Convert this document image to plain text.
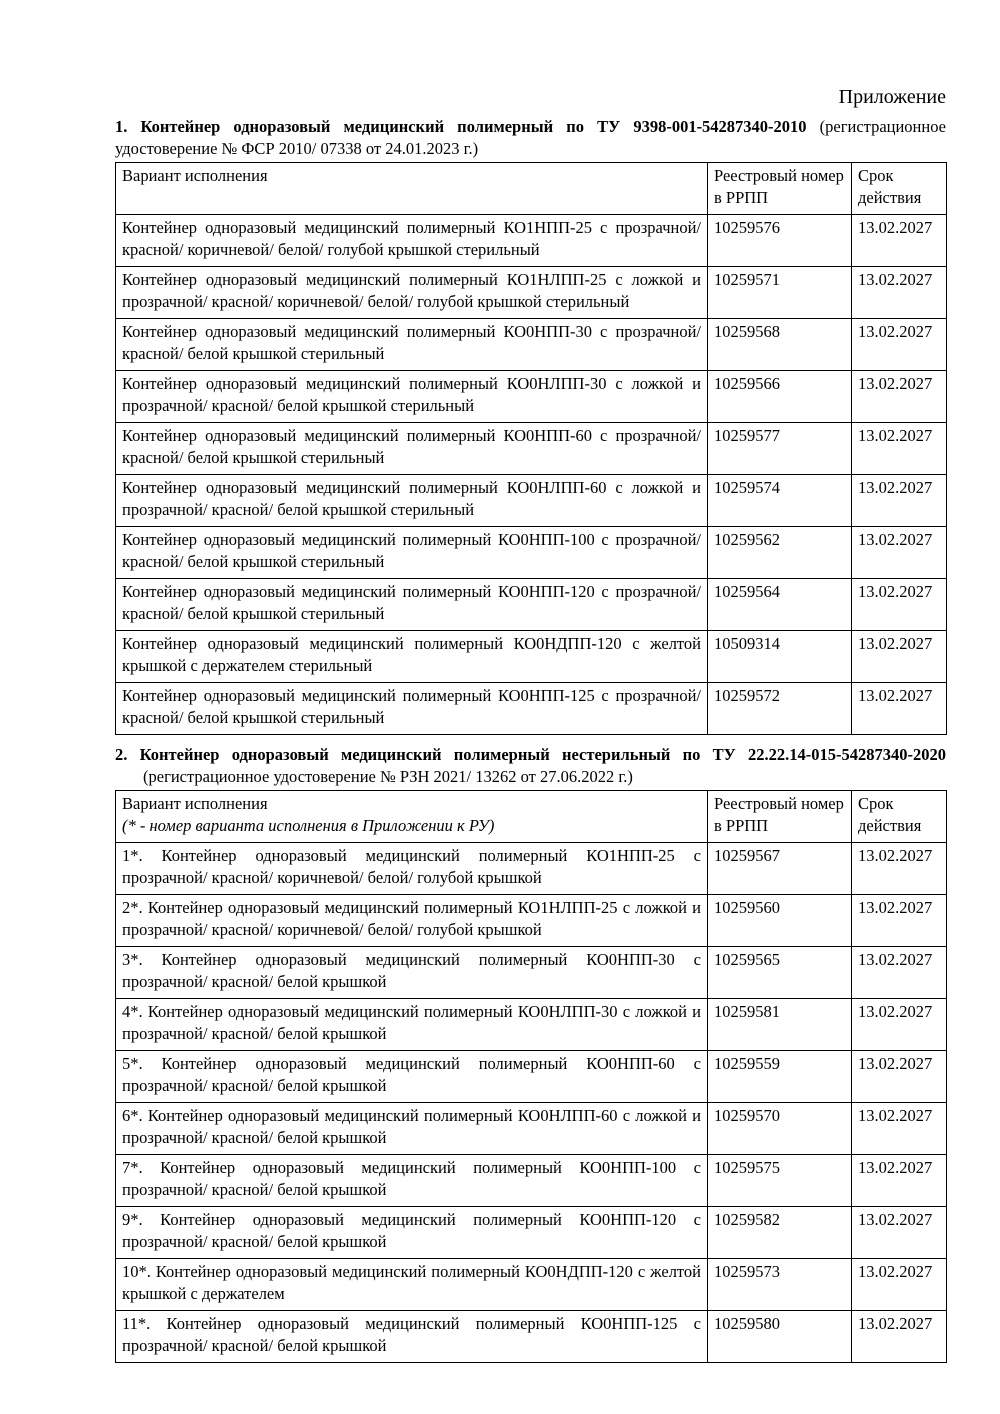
Приложение

1. Контейнер одноразовый медицинский полимерный по ТУ 9398-001-54287340-2010 (регистрационное удостоверение № ФСР 2010/ 07338 от 24.01.2023 г.)

Вариант исполнения	Реестровый номер в РРПП	Срок действия
Контейнер одноразовый медицинский полимерный КО1НПП-25 с прозрачной/ красной/ коричневой/ белой/ голубой крышкой стерильный	10259576	13.02.2027
Контейнер одноразовый медицинский полимерный КО1НЛПП-25 с ложкой и прозрачной/ красной/ коричневой/ белой/ голубой крышкой стерильный	10259571	13.02.2027
Контейнер одноразовый медицинский полимерный КО0НПП-30 с прозрачной/ красной/ белой крышкой стерильный	10259568	13.02.2027
Контейнер одноразовый медицинский полимерный КО0НЛПП-30 с ложкой и прозрачной/ красной/ белой крышкой стерильный	10259566	13.02.2027
Контейнер одноразовый медицинский полимерный КО0НПП-60 с прозрачной/ красной/ белой крышкой стерильный	10259577	13.02.2027
Контейнер одноразовый медицинский полимерный КО0НЛПП-60 с ложкой и прозрачной/ красной/ белой крышкой стерильный	10259574	13.02.2027
Контейнер одноразовый медицинский полимерный КО0НПП-100 с прозрачной/ красной/ белой крышкой стерильный	10259562	13.02.2027
Контейнер одноразовый медицинский полимерный КО0НПП-120 с прозрачной/ красной/ белой крышкой стерильный	10259564	13.02.2027
Контейнер одноразовый медицинский полимерный КО0НДПП-120 с желтой крышкой с держателем стерильный	10509314	13.02.2027
Контейнер одноразовый медицинский полимерный КО0НПП-125 с прозрачной/ красной/ белой крышкой стерильный	10259572	13.02.2027

2. Контейнер одноразовый медицинский полимерный нестерильный по ТУ 22.22.14-015-54287340-2020 (регистрационное удостоверение № РЗН 2021/ 13262 от 27.06.2022 г.)

Вариант исполнения
(* - номер варианта исполнения в Приложении к РУ)	Реестровый номер в РРПП	Срок действия
1*. Контейнер одноразовый медицинский полимерный КО1НПП-25 с прозрачной/ красной/ коричневой/ белой/ голубой крышкой	10259567	13.02.2027
2*. Контейнер одноразовый медицинский полимерный КО1НЛПП-25 с ложкой и прозрачной/ красной/ коричневой/ белой/ голубой крышкой	10259560	13.02.2027
3*. Контейнер одноразовый медицинский полимерный КО0НПП-30 с прозрачной/ красной/ белой крышкой	10259565	13.02.2027
4*. Контейнер одноразовый медицинский полимерный КО0НЛПП-30 с ложкой и прозрачной/ красной/ белой крышкой	10259581	13.02.2027
5*. Контейнер одноразовый медицинский полимерный КО0НПП-60 с прозрачной/ красной/ белой крышкой	10259559	13.02.2027
6*. Контейнер одноразовый медицинский полимерный КО0НЛПП-60 с ложкой и прозрачной/ красной/ белой крышкой	10259570	13.02.2027
7*. Контейнер одноразовый медицинский полимерный КО0НПП-100 с прозрачной/ красной/ белой крышкой	10259575	13.02.2027
9*. Контейнер одноразовый медицинский полимерный КО0НПП-120 с прозрачной/ красной/ белой крышкой	10259582	13.02.2027
10*. Контейнер одноразовый медицинский полимерный КО0НДПП-120 с желтой крышкой с держателем	10259573	13.02.2027
11*. Контейнер одноразовый медицинский полимерный КО0НПП-125 с прозрачной/ красной/ белой крышкой	10259580	13.02.2027
